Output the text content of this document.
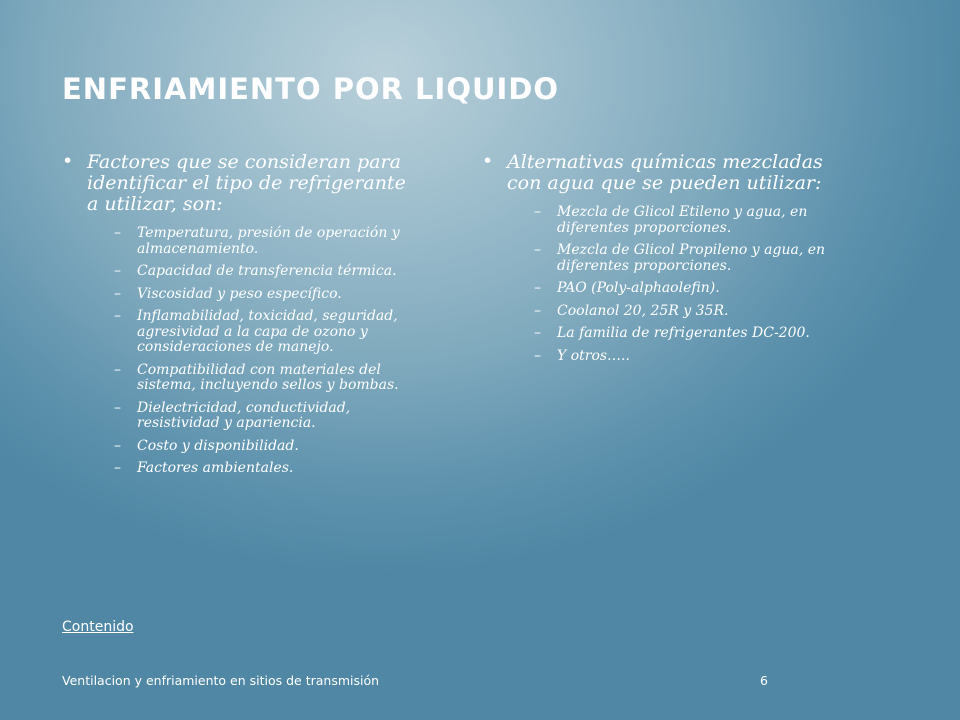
ENFRIAMIENTO POR LIQUIDO
• Factores que se consideran para identificar el tipo de refrigerante a utilizar, son:
– Temperatura, presión de operación y almacenamiento.
– Capacidad de transferencia térmica.
– Viscosidad y peso específico.
– Inflamabilidad, toxicidad, seguridad, agresividad a la capa de ozono y consideraciones de manejo.
– Compatibilidad con materiales del sistema, incluyendo sellos y bombas.
– Dielectricidad, conductividad, resistividad y apariencia.
– Costo y disponibilidad.
– Factores ambientales.
• Alternativas químicas mezcladas con agua que se pueden utilizar:
– Mezcla de Glicol Etileno y agua, en diferentes proporciones.
– Mezcla de Glicol Propileno y agua, en diferentes proporciones.
– PAO (Poly-alphaolefin).
– Coolanol 20, 25R y 35R.
– La familia de refrigerantes DC-200.
– Y otros…..
Contenido
Ventilacion y enfriamiento en sitios de transmisión	6
